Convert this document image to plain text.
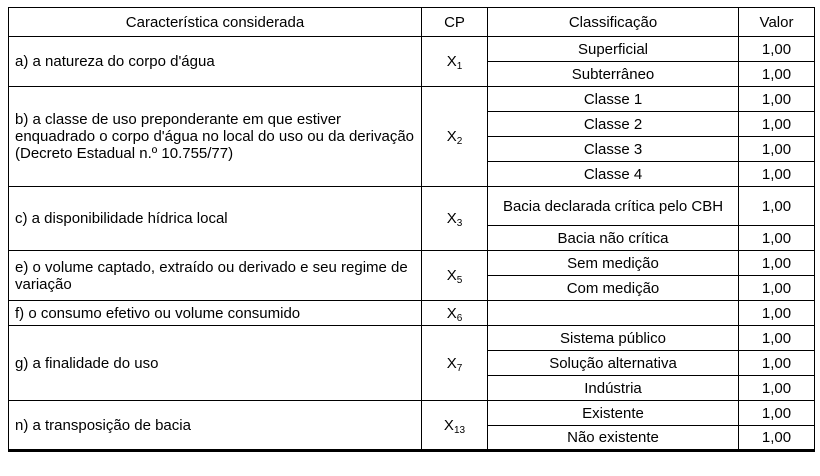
Característica considerada	CP	Classificação	Valor
a) a natureza do corpo d'água	$X_1$	Superficial	1,00
		Subterrâneo	1,00
b) a classe de uso preponderante em que estiver enquadrado o corpo d'água no local do uso ou da derivação (Decreto Estadual n.º 10.755/77)	$X_2$	Classe 1	1,00
		Classe 2	1,00
		Classe 3	1,00
		Classe 4	1,00
c) a disponibilidade hídrica local	$X_3$	Bacia declarada crítica pelo CBH	1,00
		Bacia não crítica	1,00
e) o volume captado, extraído ou derivado e seu regime de variação	$X_5$	Sem medição	1,00
		Com medição	1,00
f) o consumo efetivo ou volume consumido	$X_6$		1,00
g) a finalidade do uso	$X_7$	Sistema público	1,00
		Solução alternativa	1,00
		Indústria	1,00
n) a transposição de bacia	$X_{13}$	Existente	1,00
		Não existente	1,00
